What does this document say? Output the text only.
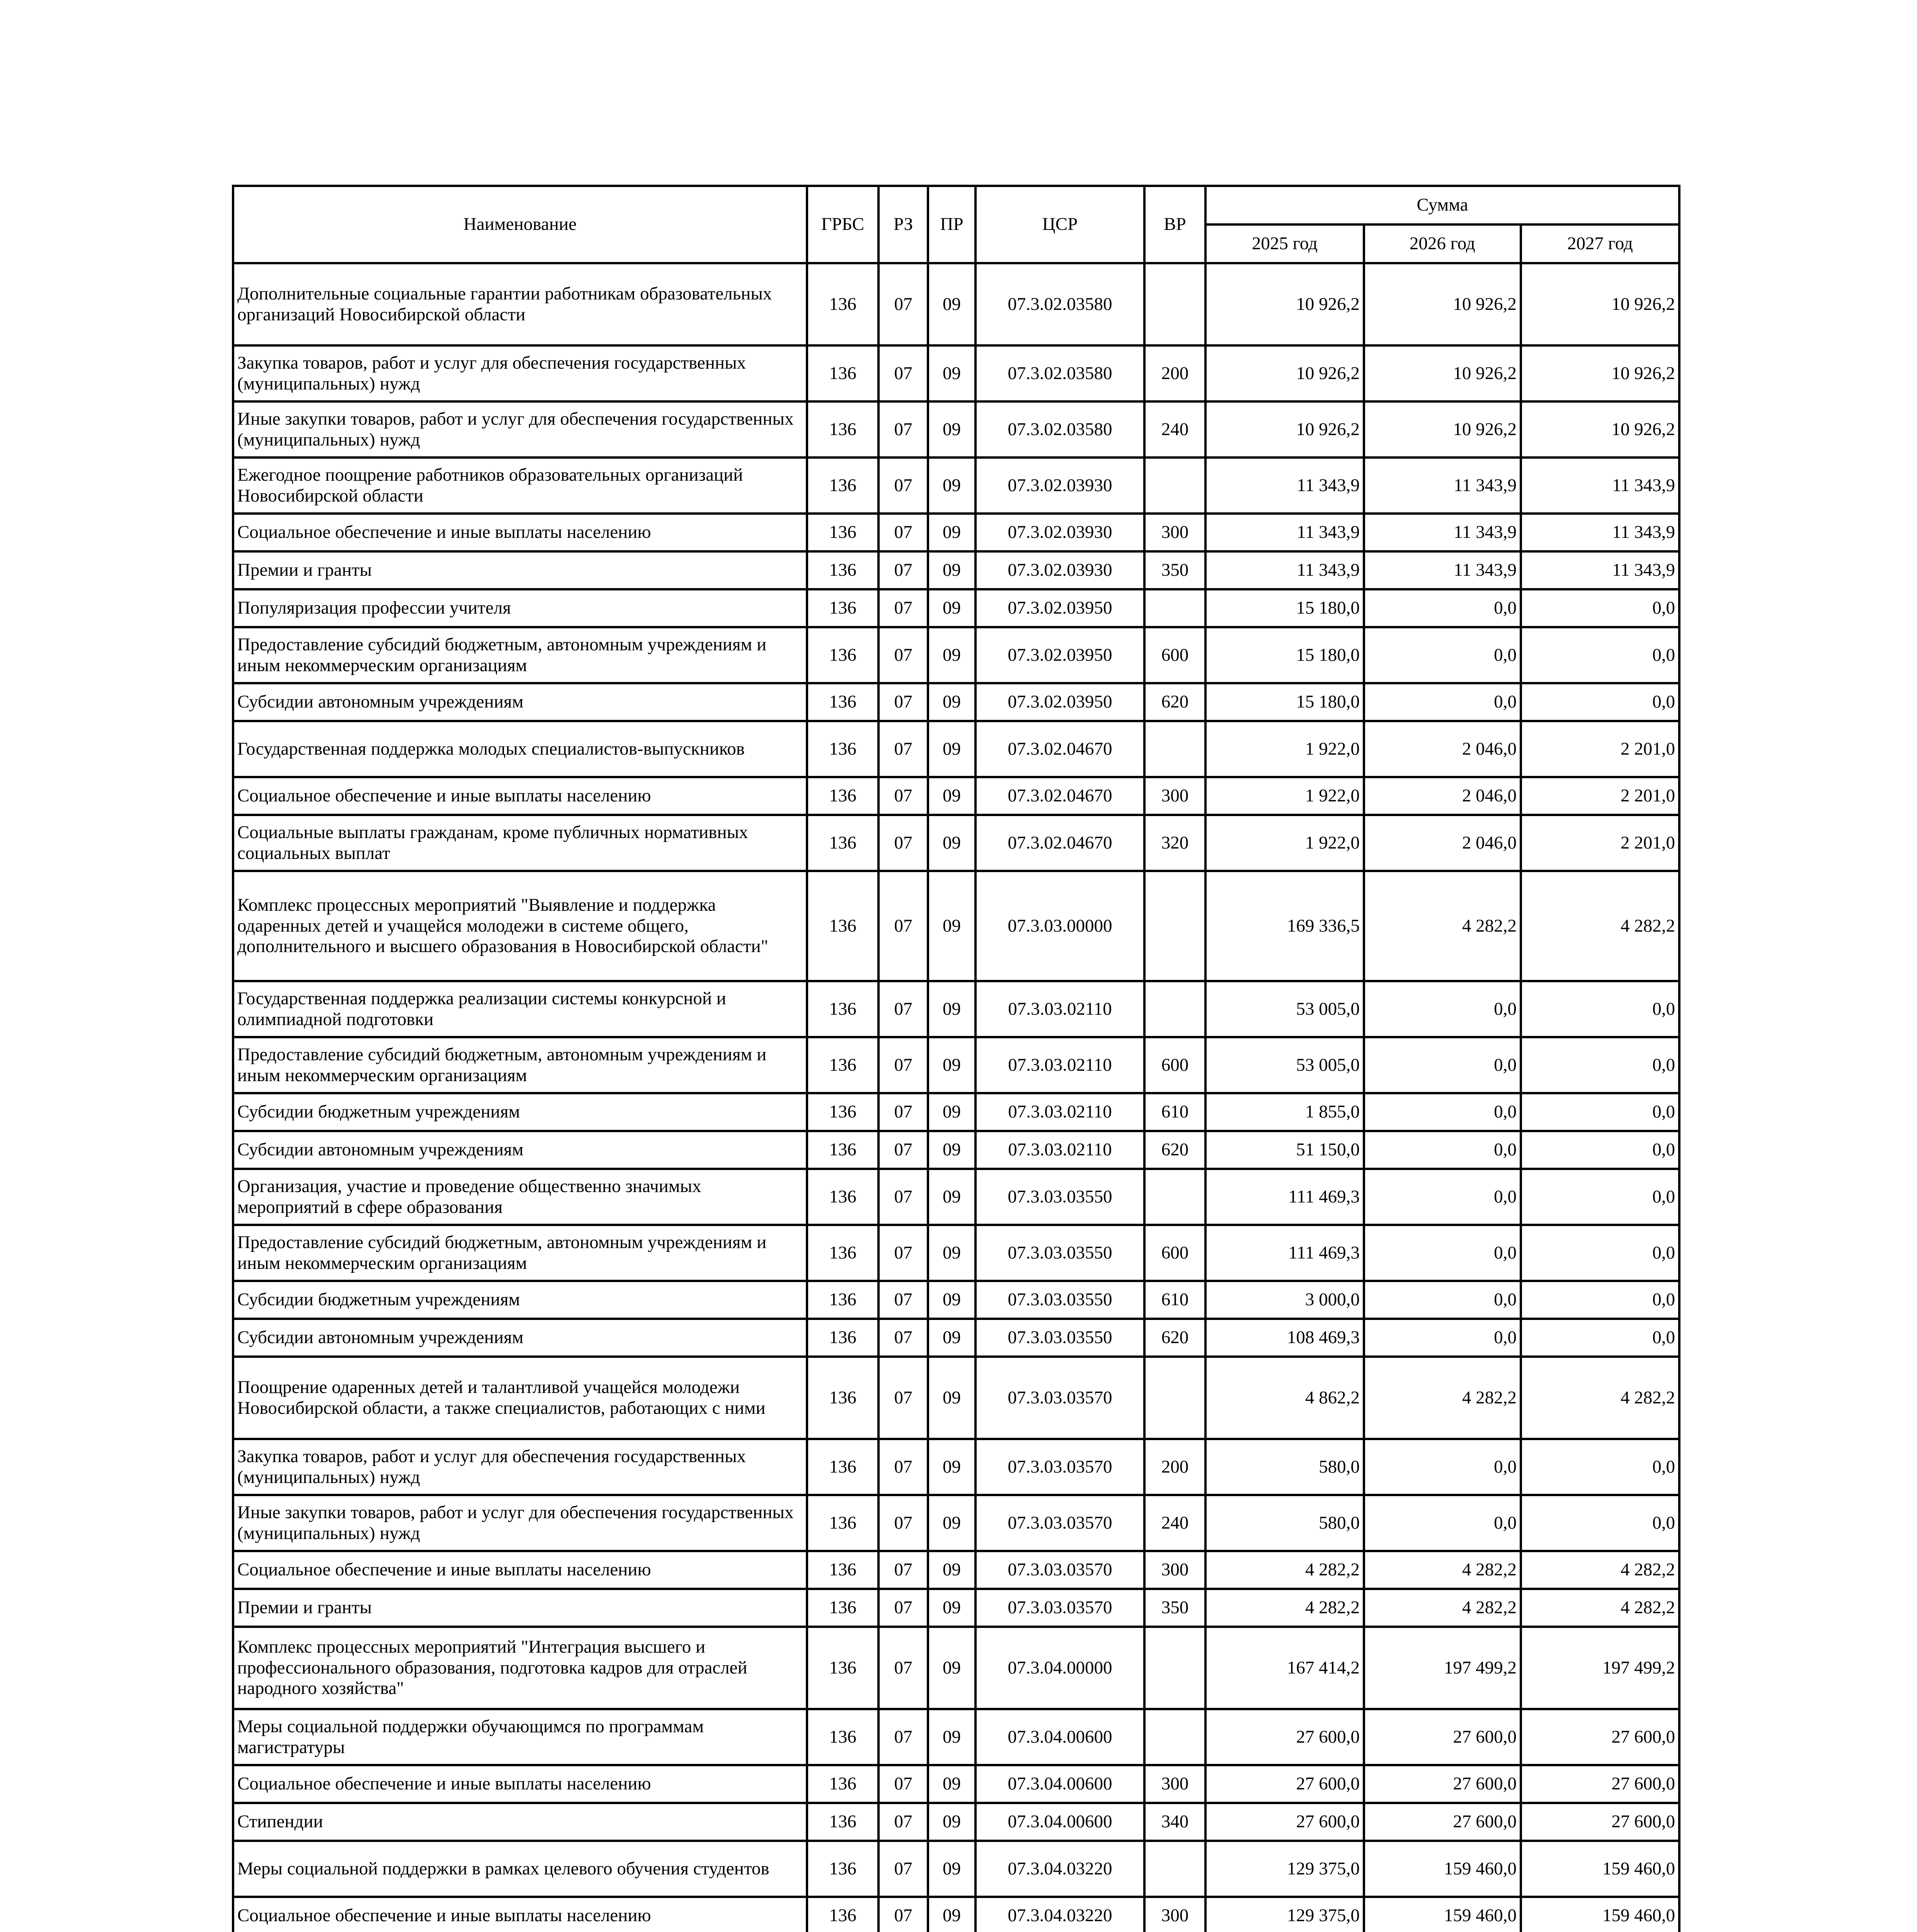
Наименование	ГРБС	РЗ	ПР	ЦСР	ВР	Сумма		
						2025 год	2026 год	2027 год
Дополнительные социальные гарантии работникам образовательных организаций Новосибирской области	136	07	09	07.3.02.03580		10 926,2	10 926,2	10 926,2
Закупка товаров, работ и услуг для обеспечения государственных (муниципальных) нужд	136	07	09	07.3.02.03580	200	10 926,2	10 926,2	10 926,2
Иные закупки товаров, работ и услуг для обеспечения государственных (муниципальных) нужд	136	07	09	07.3.02.03580	240	10 926,2	10 926,2	10 926,2
Ежегодное поощрение работников образовательных организаций Новосибирской области	136	07	09	07.3.02.03930		11 343,9	11 343,9	11 343,9
Социальное обеспечение и иные выплаты населению	136	07	09	07.3.02.03930	300	11 343,9	11 343,9	11 343,9
Премии и гранты	136	07	09	07.3.02.03930	350	11 343,9	11 343,9	11 343,9
Популяризация профессии учителя	136	07	09	07.3.02.03950		15 180,0	0,0	0,0
Предоставление субсидий бюджетным, автономным учреждениям и иным некоммерческим организациям	136	07	09	07.3.02.03950	600	15 180,0	0,0	0,0
Субсидии автономным учреждениям	136	07	09	07.3.02.03950	620	15 180,0	0,0	0,0
Государственная поддержка молодых специалистов-выпускников	136	07	09	07.3.02.04670		1 922,0	2 046,0	2 201,0
Социальное обеспечение и иные выплаты населению	136	07	09	07.3.02.04670	300	1 922,0	2 046,0	2 201,0
Социальные выплаты гражданам, кроме публичных нормативных социальных выплат	136	07	09	07.3.02.04670	320	1 922,0	2 046,0	2 201,0
Комплекс процессных мероприятий "Выявление и поддержка одаренных детей и учащейся молодежи в системе общего, дополнительного и высшего образования в Новосибирской области"	136	07	09	07.3.03.00000		169 336,5	4 282,2	4 282,2
Государственная поддержка реализации системы конкурсной и олимпиадной подготовки	136	07	09	07.3.03.02110		53 005,0	0,0	0,0
Предоставление субсидий бюджетным, автономным учреждениям и иным некоммерческим организациям	136	07	09	07.3.03.02110	600	53 005,0	0,0	0,0
Субсидии бюджетным учреждениям	136	07	09	07.3.03.02110	610	1 855,0	0,0	0,0
Субсидии автономным учреждениям	136	07	09	07.3.03.02110	620	51 150,0	0,0	0,0
Организация, участие и проведение общественно значимых мероприятий в сфере образования	136	07	09	07.3.03.03550		111 469,3	0,0	0,0
Предоставление субсидий бюджетным, автономным учреждениям и иным некоммерческим организациям	136	07	09	07.3.03.03550	600	111 469,3	0,0	0,0
Субсидии бюджетным учреждениям	136	07	09	07.3.03.03550	610	3 000,0	0,0	0,0
Субсидии автономным учреждениям	136	07	09	07.3.03.03550	620	108 469,3	0,0	0,0
Поощрение одаренных детей и талантливой учащейся молодежи Новосибирской области, а также специалистов, работающих с ними	136	07	09	07.3.03.03570		4 862,2	4 282,2	4 282,2
Закупка товаров, работ и услуг для обеспечения государственных (муниципальных) нужд	136	07	09	07.3.03.03570	200	580,0	0,0	0,0
Иные закупки товаров, работ и услуг для обеспечения государственных (муниципальных) нужд	136	07	09	07.3.03.03570	240	580,0	0,0	0,0
Социальное обеспечение и иные выплаты населению	136	07	09	07.3.03.03570	300	4 282,2	4 282,2	4 282,2
Премии и гранты	136	07	09	07.3.03.03570	350	4 282,2	4 282,2	4 282,2
Комплекс процессных мероприятий "Интеграция высшего и профессионального образования, подготовка кадров для отраслей народного хозяйства"	136	07	09	07.3.04.00000		167 414,2	197 499,2	197 499,2
Меры социальной поддержки обучающимся по программам магистратуры	136	07	09	07.3.04.00600		27 600,0	27 600,0	27 600,0
Социальное обеспечение и иные выплаты населению	136	07	09	07.3.04.00600	300	27 600,0	27 600,0	27 600,0
Стипендии	136	07	09	07.3.04.00600	340	27 600,0	27 600,0	27 600,0
Меры социальной поддержки в рамках целевого обучения студентов	136	07	09	07.3.04.03220		129 375,0	159 460,0	159 460,0
Социальное обеспечение и иные выплаты населению	136	07	09	07.3.04.03220	300	129 375,0	159 460,0	159 460,0
